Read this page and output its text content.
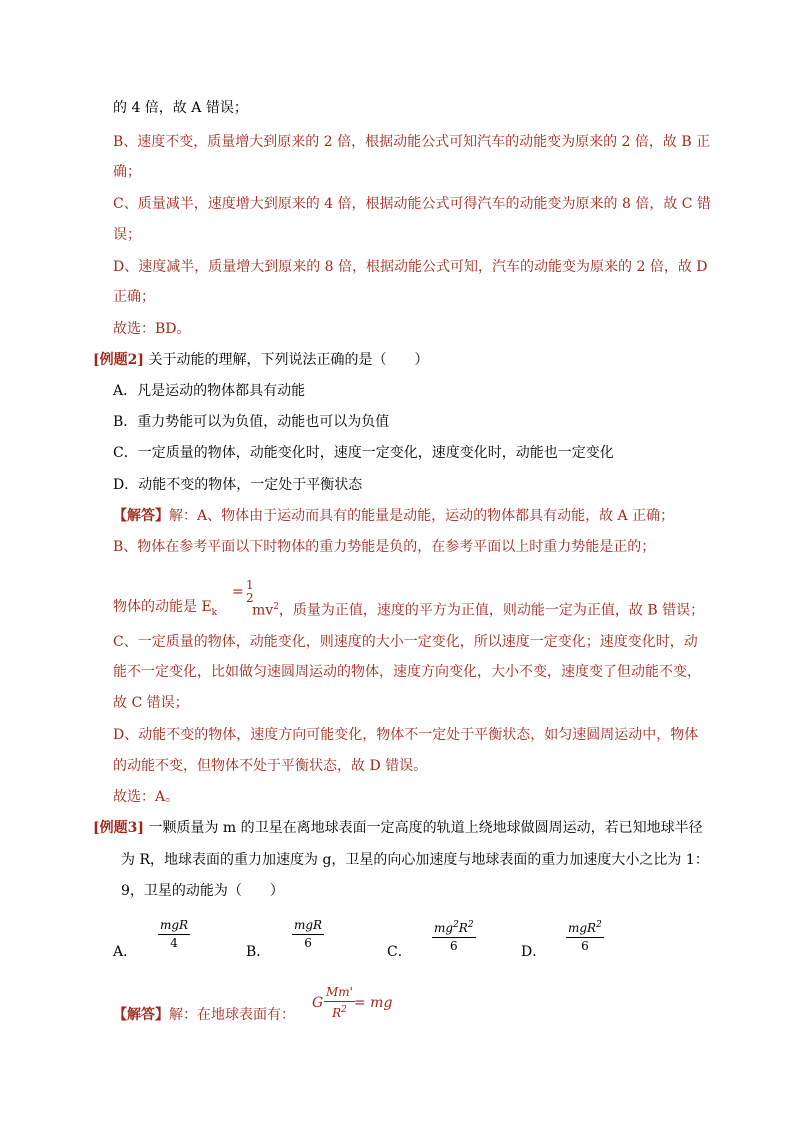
的 4 倍，故 A 错误；
B、速度不变，质量增大到原来的 2 倍，根据动能公式可知汽车的动能变为原来的 2 倍，故 B 正
确；
C、质量减半，速度增大到原来的 4 倍，根据动能公式可得汽车的动能变为原来的 8 倍，故 C 错
误；
D、速度减半，质量增大到原来的 8 倍，根据动能公式可知，汽车的动能变为原来的 2 倍，故 D
正确；
故选：BD。
[例题2] 关于动能的理解，下列说法正确的是（　　）
A．凡是运动的物体都具有动能
B．重力势能可以为负值，动能也可以为负值
C．一定质量的物体，动能变化时，速度一定变化，速度变化时，动能也一定变化
D．动能不变的物体，一定处于平衡状态
【解答】解：A、物体由于运动而具有的能量是动能，运动的物体都具有动能，故 A 正确；
B、物体在参考平面以下时物体的重力势能是负的，在参考平面以上时重力势能是正的；
物体的动能是 $E_k$
= 1
2
$mv^2$，质量为正值，速度的平方为正值，则动能一定为正值，故 B 错误；
C、一定质量的物体，动能变化，则速度的大小一定变化，所以速度一定变化；速度变化时，动
能不一定变化，比如做匀速圆周运动的物体，速度方向变化，大小不变，速度变了但动能不变，
故 C 错误；
D、动能不变的物体，速度方向可能变化，物体不一定处于平衡状态，如匀速圆周运动中，物体
的动能不变，但物体不处于平衡状态，故 D 错误。
故选：A。
[例题3] 一颗质量为 m 的卫星在离地球表面一定高度的轨道上绕地球做圆周运动，若已知地球半径
为 R，地球表面的重力加速度为 g，卫星的向心加速度与地球表面的重力加速度大小之比为 1：
9，卫星的动能为（　　）
A．
mgR
4
B．
mgR
6
C． $\frac{mg^2R^2}{6}$	D．
mgR$^2$
6
【解答】解：在地球表面有：
G $\frac{Mm'}{R^2}$ = mg
